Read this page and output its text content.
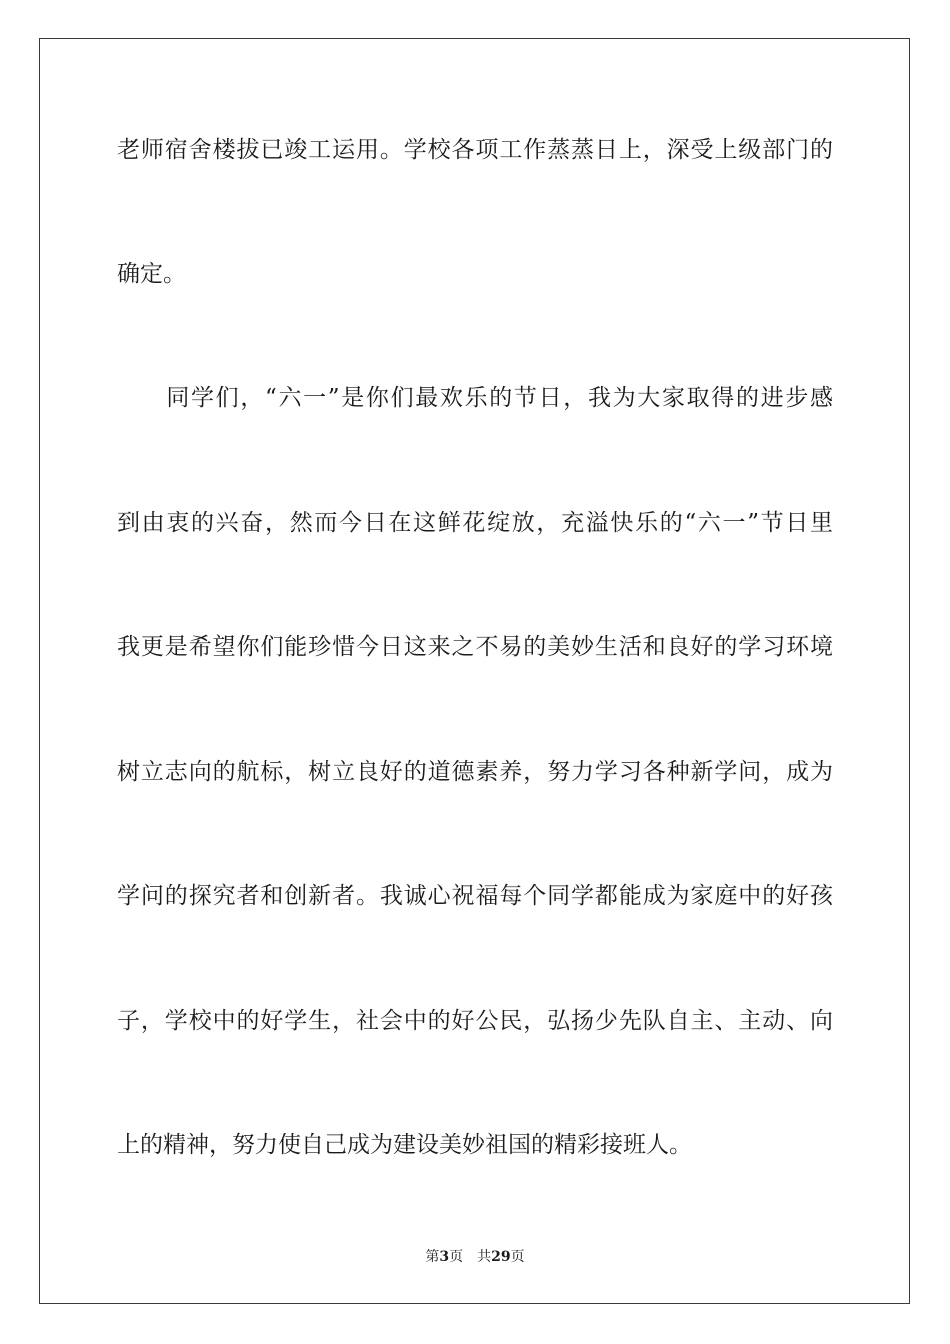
老师宿舍楼拔已竣工运用。学校各项工作蒸蒸日上，深受上级部门的
确定。
　　同学们，“六一”是你们最欢乐的节日，我为大家取得的进步感
到由衷的兴奋，然而今日在这鲜花绽放，充溢快乐的“六一”节日里
我更是希望你们能珍惜今日这来之不易的美妙生活和良好的学习环境
树立志向的航标，树立良好的道德素养，努力学习各种新学问，成为
学问的探究者和创新者。我诚心祝福每个同学都能成为家庭中的好孩
子，学校中的好学生，社会中的好公民，弘扬少先队自主、主动、向
上的精神，努力使自己成为建设美妙祖国的精彩接班人。
第3页 共29页
